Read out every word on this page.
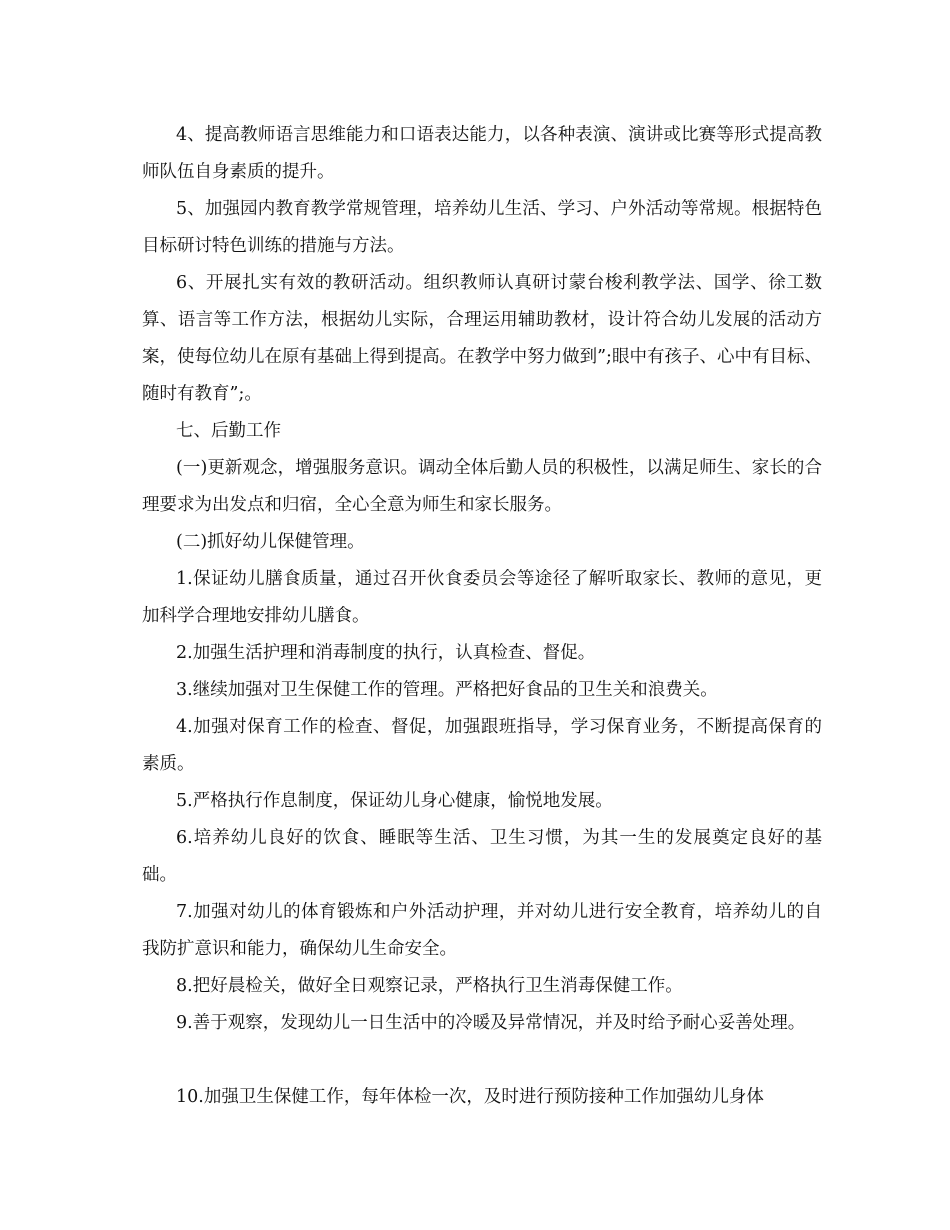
4、提高教师语言思维能力和口语表达能力，以各种表演、演讲或比赛等形式提高教师队伍自身素质的提升。

5、加强园内教育教学常规管理，培养幼儿生活、学习、户外活动等常规。根据特色目标研讨特色训练的措施与方法。

6、开展扎实有效的教研活动。组织教师认真研讨蒙台梭利教学法、国学、徐工数算、语言等工作方法，根据幼儿实际，合理运用辅助教材，设计符合幼儿发展的活动方案，使每位幼儿在原有基础上得到提高。在教学中努力做到”;眼中有孩子、心中有目标、随时有教育”;。

七、后勤工作

(一)更新观念，增强服务意识。调动全体后勤人员的积极性，以满足师生、家长的合理要求为出发点和归宿，全心全意为师生和家长服务。

(二)抓好幼儿保健管理。

1.保证幼儿膳食质量，通过召开伙食委员会等途径了解听取家长、教师的意见，更加科学合理地安排幼儿膳食。

2.加强生活护理和消毒制度的执行，认真检查、督促。

3.继续加强对卫生保健工作的管理。严格把好食品的卫生关和浪费关。

4.加强对保育工作的检查、督促，加强跟班指导，学习保育业务，不断提高保育的素质。

5.严格执行作息制度，保证幼儿身心健康，愉悦地发展。

6.培养幼儿良好的饮食、睡眠等生活、卫生习惯，为其一生的发展奠定良好的基础。

7.加强对幼儿的体育锻炼和户外活动护理，并对幼儿进行安全教育，培养幼儿的自我防扩意识和能力，确保幼儿生命安全。

8.把好晨检关，做好全日观察记录，严格执行卫生消毒保健工作。

9.善于观察，发现幼儿一日生活中的冷暖及异常情况，并及时给予耐心妥善处理。

10.加强卫生保健工作，每年体检一次，及时进行预防接种工作加强幼儿身体
